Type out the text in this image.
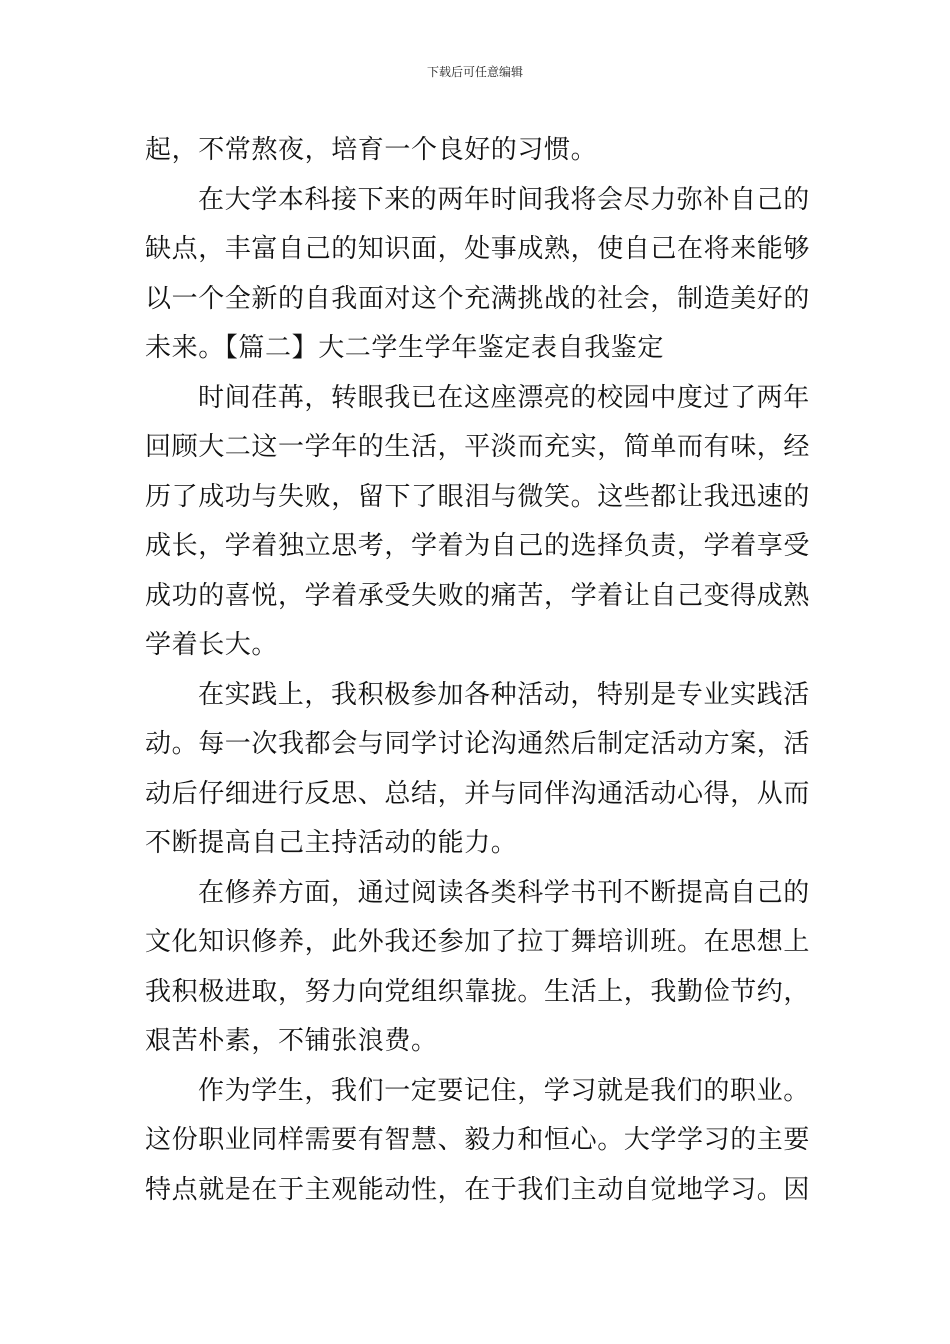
下载后可任意编辑
起，不常熬夜，培育一个良好的习惯。
在大学本科接下来的两年时间我将会尽力弥补自己的
缺点，丰富自己的知识面，处事成熟，使自己在将来能够
以一个全新的自我面对这个充满挑战的社会，制造美好的
未来。【篇二】大二学生学年鉴定表自我鉴定
时间荏苒，转眼我已在这座漂亮的校园中度过了两年
回顾大二这一学年的生活，平淡而充实，简单而有味，经
历了成功与失败，留下了眼泪与微笑。这些都让我迅速的
成长，学着独立思考，学着为自己的选择负责，学着享受
成功的喜悦，学着承受失败的痛苦，学着让自己变得成熟
学着长大。
在实践上，我积极参加各种活动，特别是专业实践活
动。每一次我都会与同学讨论沟通然后制定活动方案，活
动后仔细进行反思、总结，并与同伴沟通活动心得，从而
不断提高自己主持活动的能力。
在修养方面，通过阅读各类科学书刊不断提高自己的
文化知识修养，此外我还参加了拉丁舞培训班。在思想上
我积极进取，努力向党组织靠拢。生活上，我勤俭节约，
艰苦朴素，不铺张浪费。
作为学生，我们一定要记住，学习就是我们的职业。
这份职业同样需要有智慧、毅力和恒心。大学学习的主要
特点就是在于主观能动性，在于我们主动自觉地学习。因
